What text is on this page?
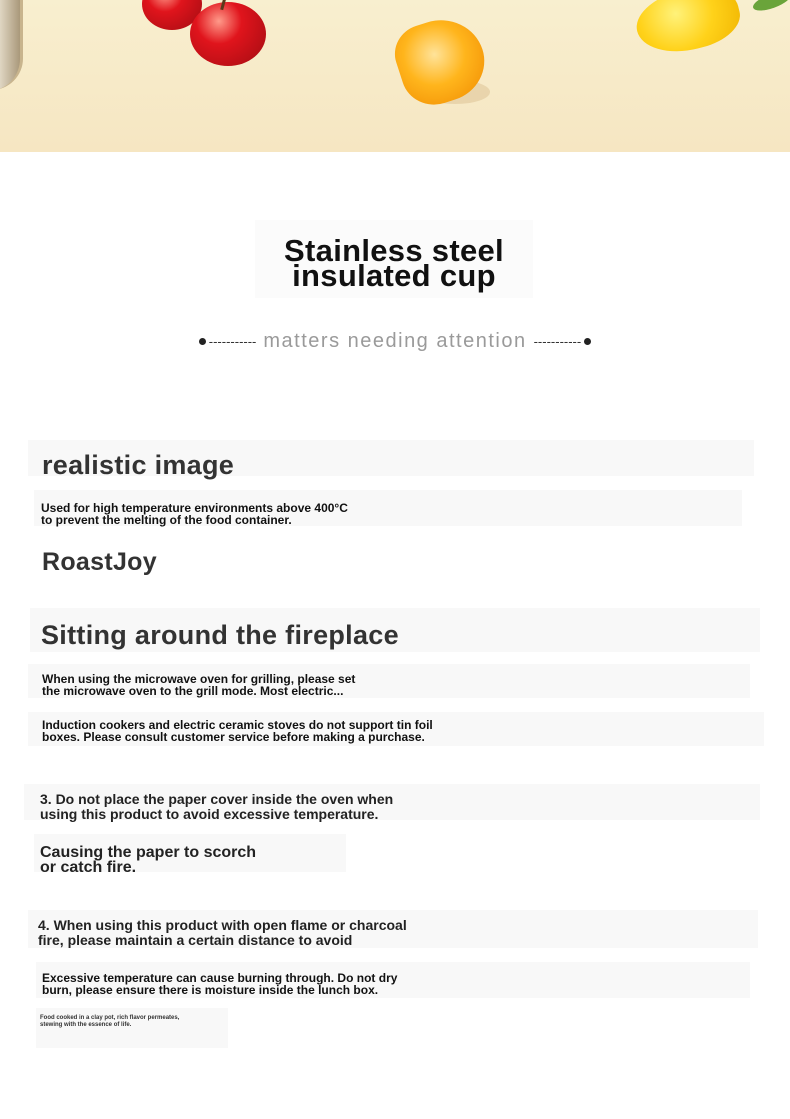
Stainless steel
insulated cup
----------- matters needing attention -----------
realistic image
Used for high temperature environments above 400°C
to prevent the melting of the food container.
RoastJoy
Sitting around the fireplace
When using the microwave oven for grilling, please set
the microwave oven to the grill mode. Most electric...
Induction cookers and electric ceramic stoves do not support tin foil
boxes. Please consult customer service before making a purchase.
3. Do not place the paper cover inside the oven when
using this product to avoid excessive temperature.
Causing the paper to scorch
or catch fire.
4. When using this product with open flame or charcoal
fire, please maintain a certain distance to avoid
Excessive temperature can cause burning through. Do not dry
burn, please ensure there is moisture inside the lunch box.
Food cooked in a clay pot, rich flavor permeates,
stewing with the essence of life.
